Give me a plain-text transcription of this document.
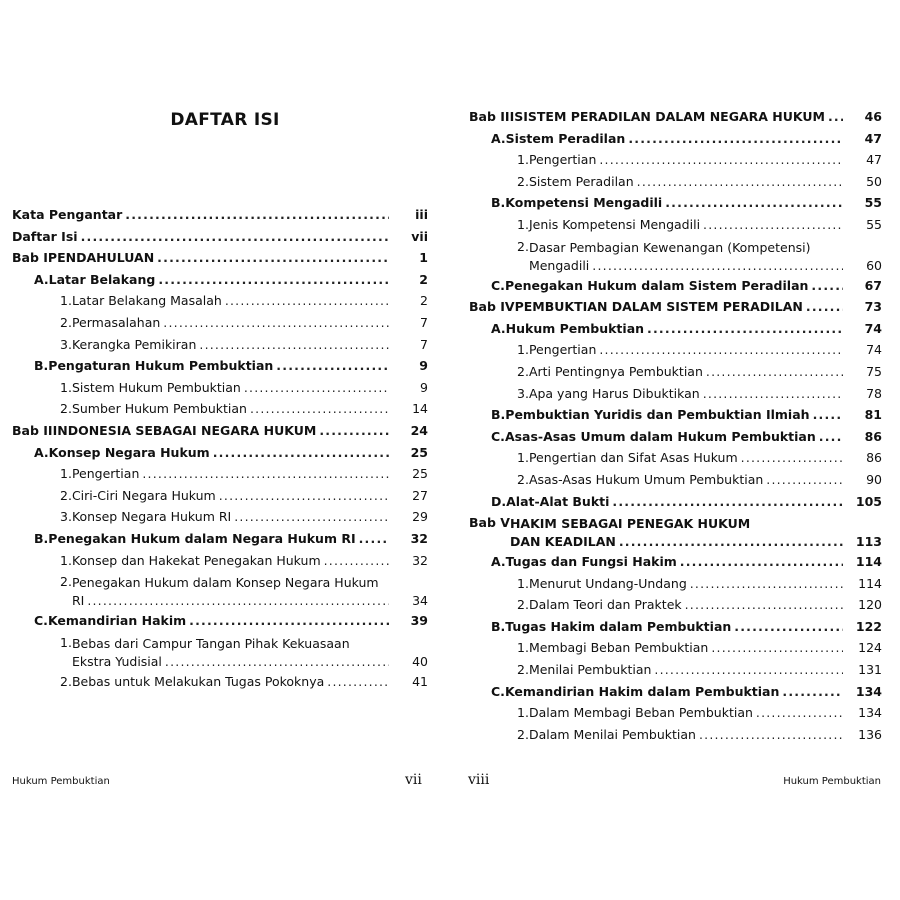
DAFTAR ISI
Kata Pengantar .....	iii
Daftar Isi .....	vii
Bab I PENDAHULUAN .....	1
A. Latar Belakang .....	2
1. Latar Belakang Masalah .....	2
2. Permasalahan .....	7
3. Kerangka Pemikiran .....	7
B. Pengaturan Hukum Pembuktian .....	9
1. Sistem Hukum Pembuktian .....	9
2. Sumber Hukum Pembuktian .....	14
Bab II INDONESIA SEBAGAI NEGARA HUKUM .....	24
A. Konsep Negara Hukum .....	25
1. Pengertian .....	25
2. Ciri-Ciri Negara Hukum .....	27
3. Konsep Negara Hukum RI .....	29
B. Penegakan Hukum dalam Negara Hukum RI .....	32
1. Konsep dan Hakekat Penegakan Hukum .....	32
2. Penegakan Hukum dalam Konsep Negara Hukum
RI .....	34
C. Kemandirian Hakim .....	39
1. Bebas dari Campur Tangan Pihak Kekuasaan
Ekstra Yudisial .....	40
2. Bebas untuk Melakukan Tugas Pokoknya .....	41
Hukum Pembuktian	vii
Bab III SISTEM PERADILAN DALAM NEGARA HUKUM .....	46
A. Sistem Peradilan .....	47
1. Pengertian .....	47
2. Sistem Peradilan .....	50
B. Kompetensi Mengadili .....	55
1. Jenis Kompetensi Mengadili .....	55
2. Dasar Pembagian Kewenangan (Kompetensi)
Mengadili .....	60
C. Penegakan Hukum dalam Sistem Peradilan .....	67
Bab IV PEMBUKTIAN DALAM SISTEM PERADILAN .....	73
A. Hukum Pembuktian .....	74
1. Pengertian .....	74
2. Arti Pentingnya Pembuktian .....	75
3. Apa yang Harus Dibuktikan .....	78
B. Pembuktian Yuridis dan Pembuktian Ilmiah .....	81
C. Asas-Asas Umum dalam Hukum Pembuktian .....	86
1. Pengertian dan Sifat Asas Hukum .....	86
2. Asas-Asas Hukum Umum Pembuktian .....	90
D. Alat-Alat Bukti .....	105
Bab V HAKIM SEBAGAI PENEGAK HUKUM
DAN KEADILAN .....	113
A. Tugas dan Fungsi Hakim .....	114
1. Menurut Undang-Undang .....	114
2. Dalam Teori dan Praktek .....	120
B. Tugas Hakim dalam Pembuktian .....	122
1. Membagi Beban Pembuktian .....	124
2. Menilai Pembuktian .....	131
C. Kemandirian Hakim dalam Pembuktian .....	134
1. Dalam Membagi Beban Pembuktian .....	134
2. Dalam Menilai Pembuktian .....	136
viii	Hukum Pembuktian
